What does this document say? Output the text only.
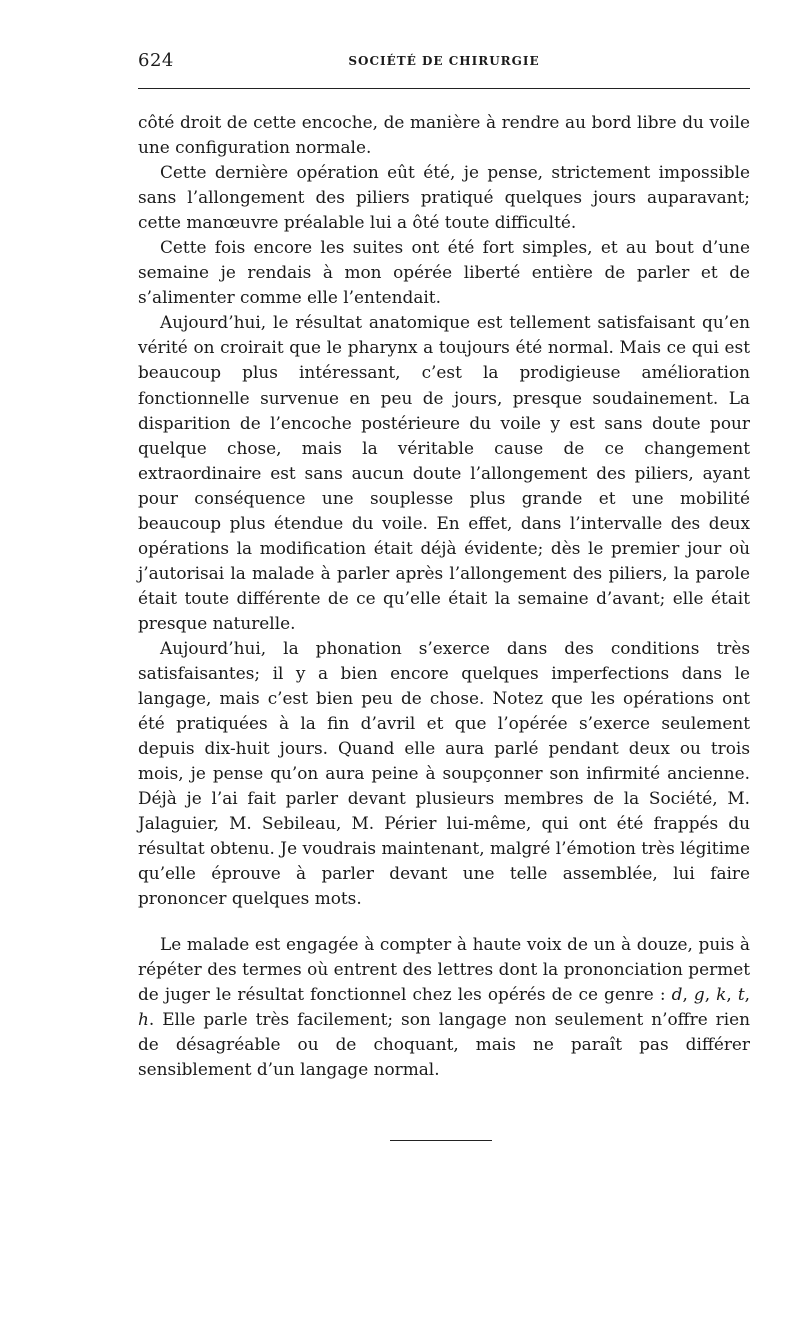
624	SOCIÉTÉ DE CHIRURGIE

côté droit de cette encoche, de manière à rendre au bord libre du voile une configuration normale.

Cette dernière opération eût été, je pense, strictement impossible sans l’allongement des piliers pratiqué quelques jours auparavant; cette manœuvre préalable lui a ôté toute difficulté.

Cette fois encore les suites ont été fort simples, et au bout d’une semaine je rendais à mon opérée liberté entière de parler et de s’alimenter comme elle l’entendait.

Aujourd’hui, le résultat anatomique est tellement satisfaisant qu’en vérité on croirait que le pharynx a toujours été normal. Mais ce qui est beaucoup plus intéressant, c’est la prodigieuse amélioration fonctionnelle survenue en peu de jours, presque soudainement. La disparition de l’encoche postérieure du voile y est sans doute pour quelque chose, mais la véritable cause de ce changement extraordinaire est sans aucun doute l’allongement des piliers, ayant pour conséquence une souplesse plus grande et une mobilité beaucoup plus étendue du voile. En effet, dans l’intervalle des deux opérations la modification était déjà évidente; dès le premier jour où j’autorisai la malade à parler après l’allongement des piliers, la parole était toute différente de ce qu’elle était la semaine d’avant; elle était presque naturelle.

Aujourd’hui, la phonation s’exerce dans des conditions très satisfaisantes; il y a bien encore quelques imperfections dans le langage, mais c’est bien peu de chose. Notez que les opérations ont été pratiquées à la fin d’avril et que l’opérée s’exerce seulement depuis dix-huit jours. Quand elle aura parlé pendant deux ou trois mois, je pense qu’on aura peine à soupçonner son infirmité ancienne. Déjà je l’ai fait parler devant plusieurs membres de la Société, M. Jalaguier, M. Sebileau, M. Périer lui-même, qui ont été frappés du résultat obtenu. Je voudrais maintenant, malgré l’émotion très légitime qu’elle éprouve à parler devant une telle assemblée, lui faire prononcer quelques mots.

Le malade est engagée à compter à haute voix de un à douze, puis à répéter des termes où entrent des lettres dont la prononciation permet de juger le résultat fonctionnel chez les opérés de ce genre : d, g, k, t, h. Elle parle très facilement; son langage non seulement n’offre rien de désagréable ou de choquant, mais ne paraît pas différer sensiblement d’un langage normal.
